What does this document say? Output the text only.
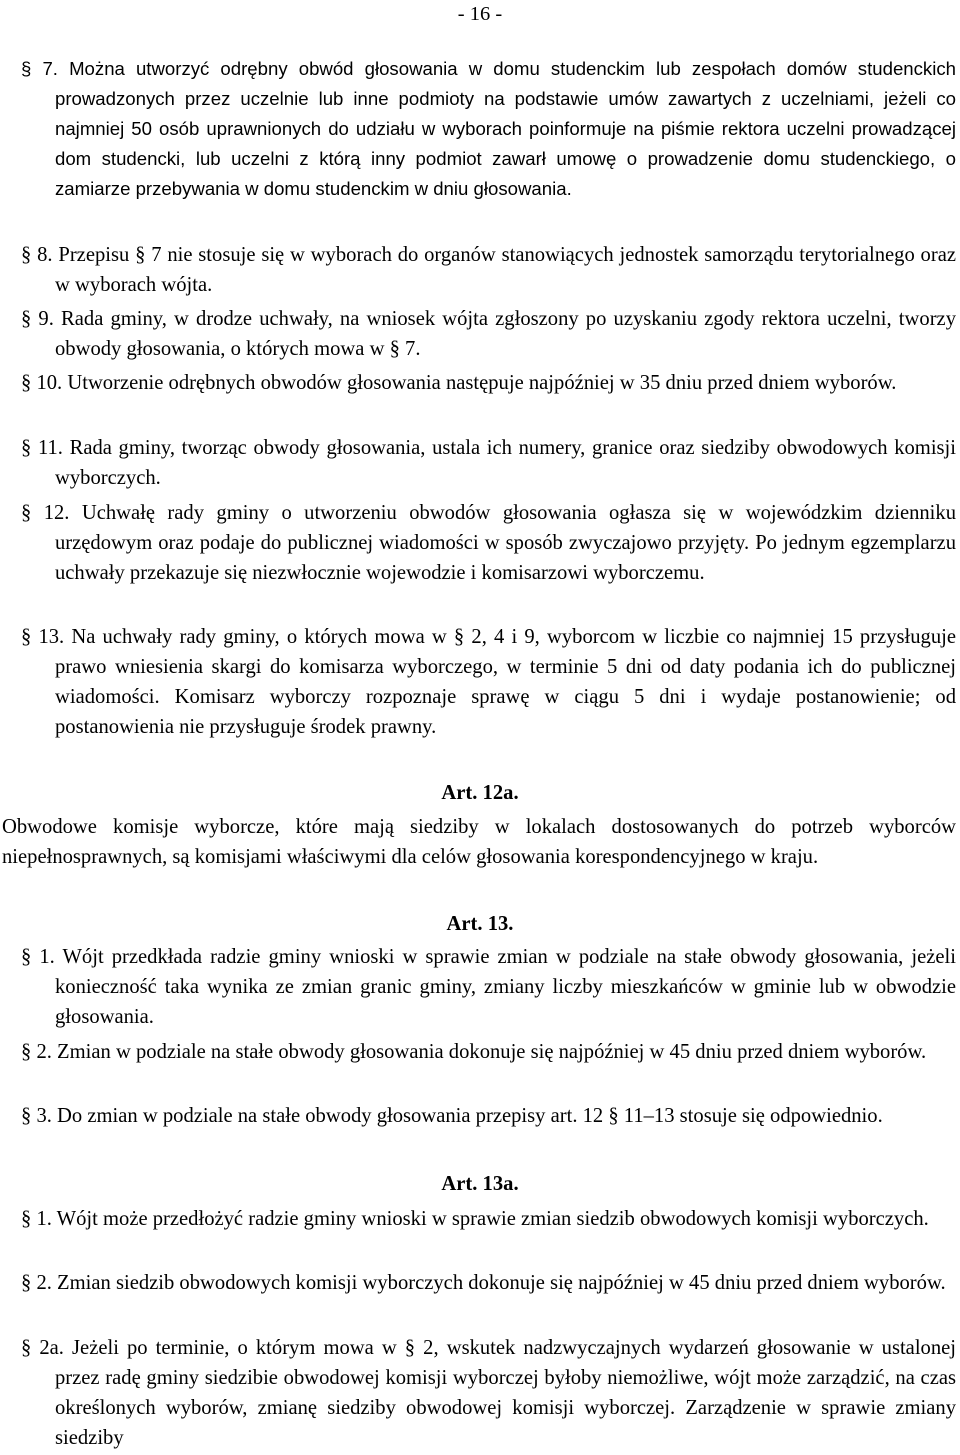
- 16 -
§ 7. Można utworzyć odrębny obwód głosowania w domu studenckim lub zespołach domów studenckich prowadzonych przez uczelnie lub inne podmioty na podstawie umów zawartych z uczelniami, jeżeli co najmniej 50 osób uprawnionych do udziału w wyborach poinformuje na piśmie rektora uczelni prowadzącej dom studencki, lub uczelni z którą inny podmiot zawarł umowę o prowadzenie domu studenckiego, o zamiarze przebywania w domu studenckim w dniu głosowania.
§ 8. Przepisu § 7 nie stosuje się w wyborach do organów stanowiących jednostek samorządu terytorialnego oraz w wyborach wójta.
§ 9. Rada gminy, w drodze uchwały, na wniosek wójta zgłoszony po uzyskaniu zgody rektora uczelni, tworzy obwody głosowania, o których mowa w § 7.
§ 10. Utworzenie odrębnych obwodów głosowania następuje najpóźniej w 35 dniu przed dniem wyborów.
§ 11. Rada gminy, tworząc obwody głosowania, ustala ich numery, granice oraz siedziby obwodowych komisji wyborczych.
§ 12. Uchwałę rady gminy o utworzeniu obwodów głosowania ogłasza się w wojewódzkim dzienniku urzędowym oraz podaje do publicznej wiadomości w sposób zwyczajowo przyjęty. Po jednym egzemplarzu uchwały przekazuje się niezwłocznie wojewodzie i komisarzowi wyborczemu.
§ 13. Na uchwały rady gminy, o których mowa w § 2, 4 i 9, wyborcom w liczbie co najmniej 15 przysługuje prawo wniesienia skargi do komisarza wyborczego, w terminie 5 dni od daty podania ich do publicznej wiadomości. Komisarz wyborczy rozpoznaje sprawę w ciągu 5 dni i wydaje postanowienie; od postanowienia nie przysługuje środek prawny.
Art. 12a.
Obwodowe komisje wyborcze, które mają siedziby w lokalach dostosowanych do potrzeb wyborców niepełnosprawnych, są komisjami właściwymi dla celów głosowania korespondencyjnego w kraju.
Art. 13.
§ 1. Wójt przedkłada radzie gminy wnioski w sprawie zmian w podziale na stałe obwody głosowania, jeżeli konieczność taka wynika ze zmian granic gminy, zmiany liczby mieszkańców w gminie lub w obwodzie głosowania.
§ 2. Zmian w podziale na stałe obwody głosowania dokonuje się najpóźniej w 45 dniu przed dniem wyborów.
§ 3. Do zmian w podziale na stałe obwody głosowania przepisy art. 12 § 11–13 stosuje się odpowiednio.
Art. 13a.
§ 1. Wójt może przedłożyć radzie gminy wnioski w sprawie zmian siedzib obwodowych komisji wyborczych.
§ 2. Zmian siedzib obwodowych komisji wyborczych dokonuje się najpóźniej w 45 dniu przed dniem wyborów.
§ 2a. Jeżeli po terminie, o którym mowa w § 2, wskutek nadzwyczajnych wydarzeń głosowanie w ustalonej przez radę gminy siedzibie obwodowej komisji wyborczej byłoby niemożliwe, wójt może zarządzić, na czas określonych wyborów, zmianę siedziby obwodowej komisji wyborczej. Zarządzenie w sprawie zmiany siedziby
